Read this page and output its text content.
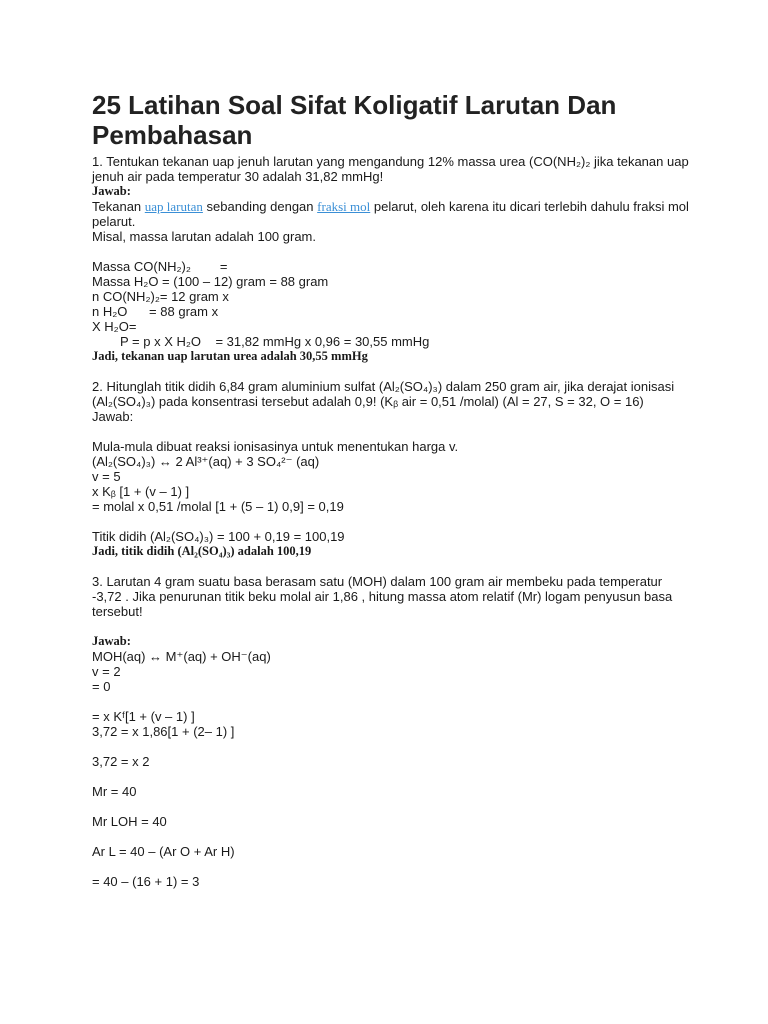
25 Latihan Soal Sifat Koligatif Larutan Dan Pembahasan

1. Tentukan tekanan uap jenuh larutan yang mengandung 12% massa urea (CO(NH₂)₂ jika tekanan uap jenuh air pada temperatur 30 adalah 31,82 mmHg!

Jawab:

Tekanan uap larutan sebanding dengan fraksi mol pelarut, oleh karena itu dicari terlebih dahulu fraksi mol pelarut.

Misal, massa larutan adalah 100 gram.

Massa CO(NH₂)₂        =

Massa H₂O = (100 – 12) gram = 88 gram

n CO(NH₂)₂= 12 gram x

n H₂O      = 88 gram x

X H₂O=

P = p x X H₂O    = 31,82 mmHg x 0,96 = 30,55 mmHg

Jadi, tekanan uap larutan urea adalah 30,55 mmHg

2. Hitunglah titik didih 6,84 gram aluminium sulfat (Al₂(SO₄)₃) dalam 250 gram air, jika derajat ionisasi (Al₂(SO₄)₃) pada konsentrasi tersebut adalah 0,9! (Kᵦ air = 0,51 /molal) (Al = 27, S = 32, O = 16)

Jawab:

Mula-mula dibuat reaksi ionisasinya untuk menentukan harga v.

(Al₂(SO₄)₃) ↔ 2 Al³⁺(aq) + 3 SO₄²⁻ (aq)

v = 5

x Kᵦ [1 + (v – 1) ]

= molal x 0,51 /molal [1 + (5 – 1) 0,9] = 0,19

Titik didih (Al₂(SO₄)₃) = 100 + 0,19 = 100,19

Jadi, titik didih (Al₂(SO₄)₃) adalah 100,19

3. Larutan 4 gram suatu basa berasam satu (MOH) dalam 100 gram air membeku pada temperatur -3,72 . Jika penurunan titik beku molal air 1,86 , hitung massa atom relatif (Mr) logam penyusun basa tersebut!

Jawab:

MOH(aq) ↔ M⁺(aq) + OH⁻(aq)

v = 2

= 0

= x Kᶠ[1 + (v – 1) ]

3,72 = x 1,86[1 + (2– 1) ]

3,72 = x 2

Mr = 40

Mr LOH = 40

Ar L = 40 – (Ar O + Ar H)

= 40 – (16 + 1) = 3
